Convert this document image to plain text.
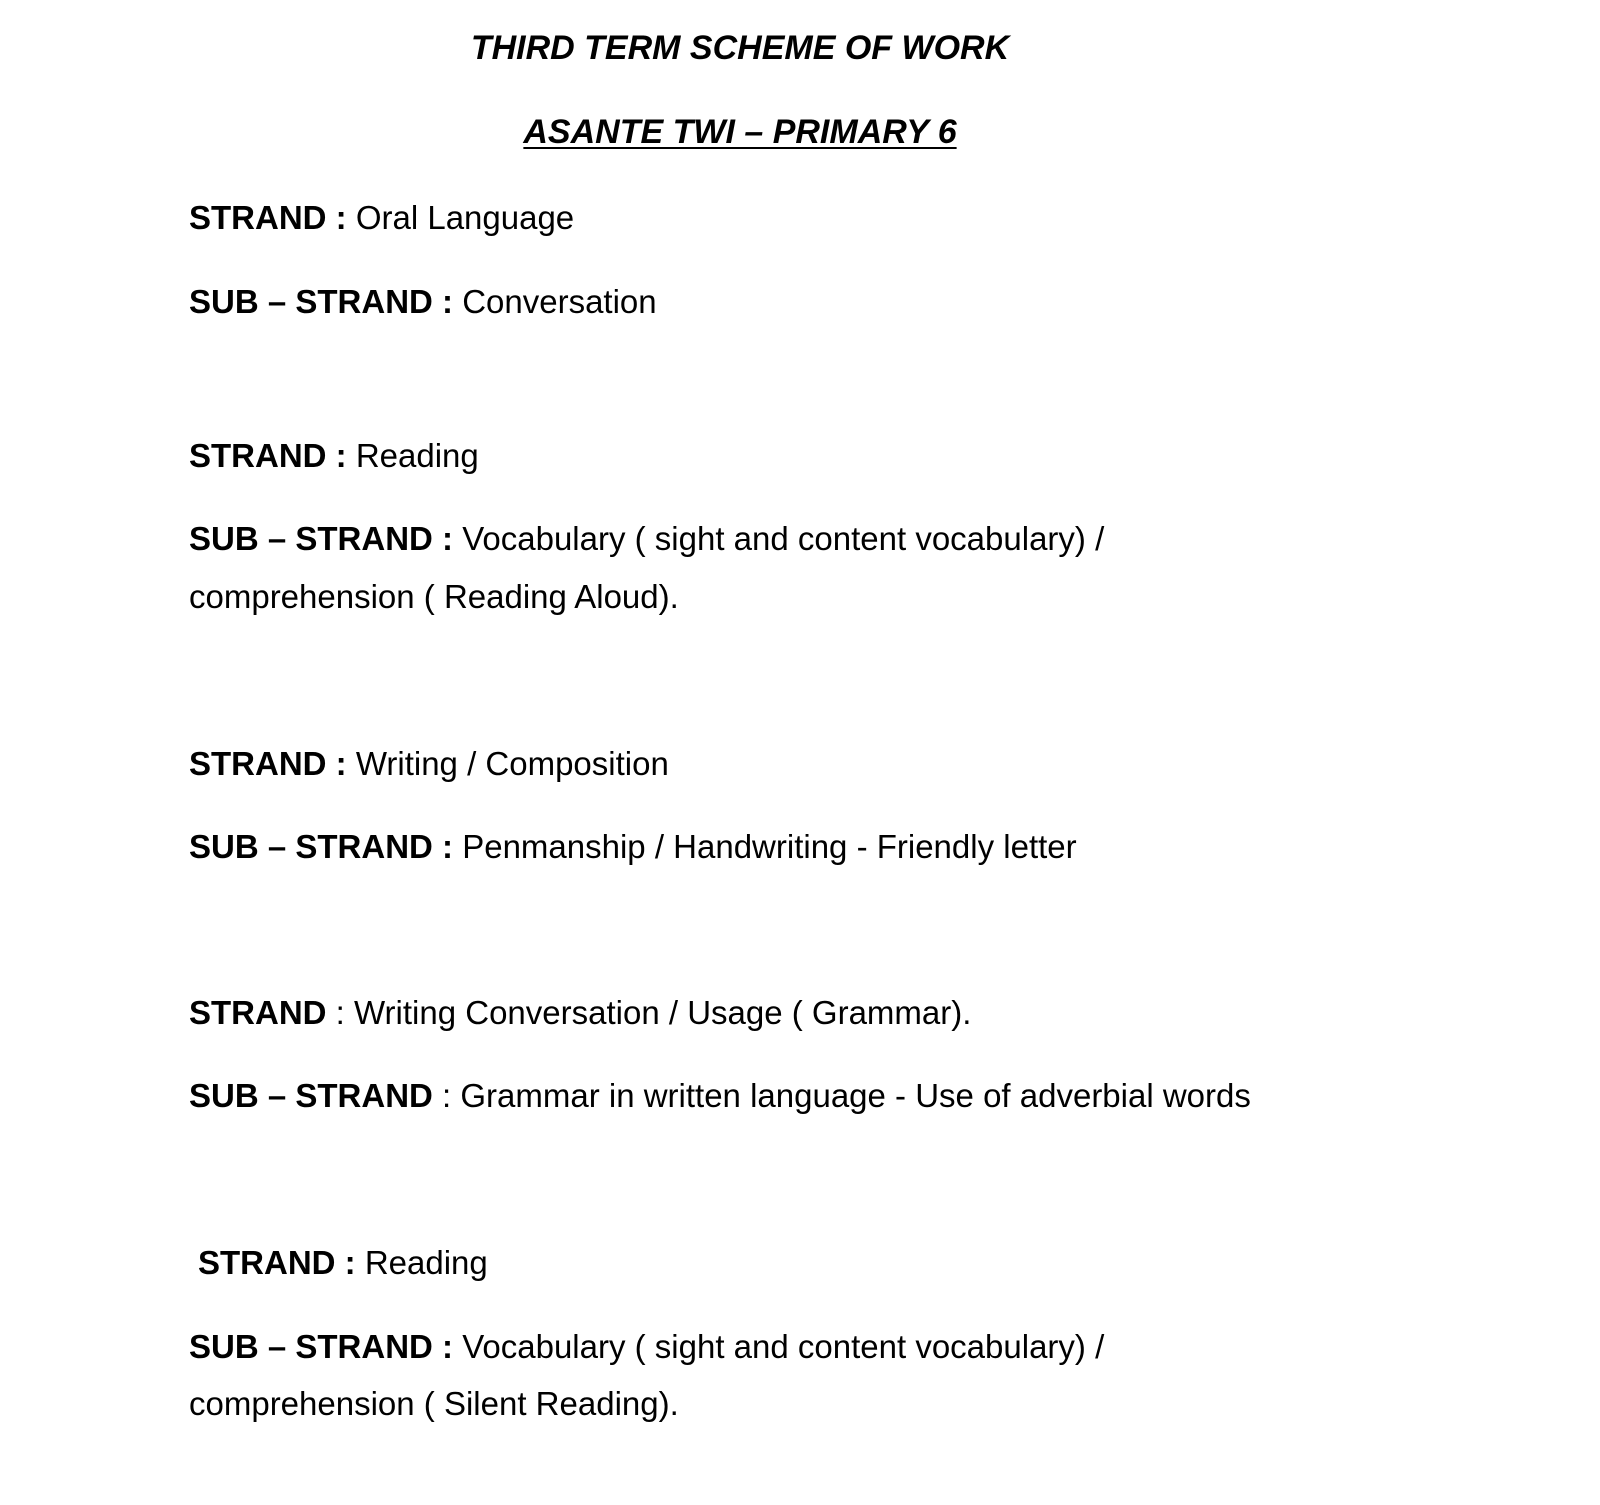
THIRD TERM SCHEME OF WORK
ASANTE TWI – PRIMARY 6
STRAND : Oral Language
SUB – STRAND : Conversation
STRAND : Reading
SUB – STRAND : Vocabulary ( sight and content vocabulary) /
comprehension ( Reading Aloud).
STRAND : Writing / Composition
SUB – STRAND : Penmanship / Handwriting - Friendly letter
STRAND : Writing Conversation / Usage ( Grammar).
SUB – STRAND : Grammar in written language - Use of adverbial words
STRAND : Reading
SUB – STRAND : Vocabulary ( sight and content vocabulary) /
comprehension ( Silent Reading).
